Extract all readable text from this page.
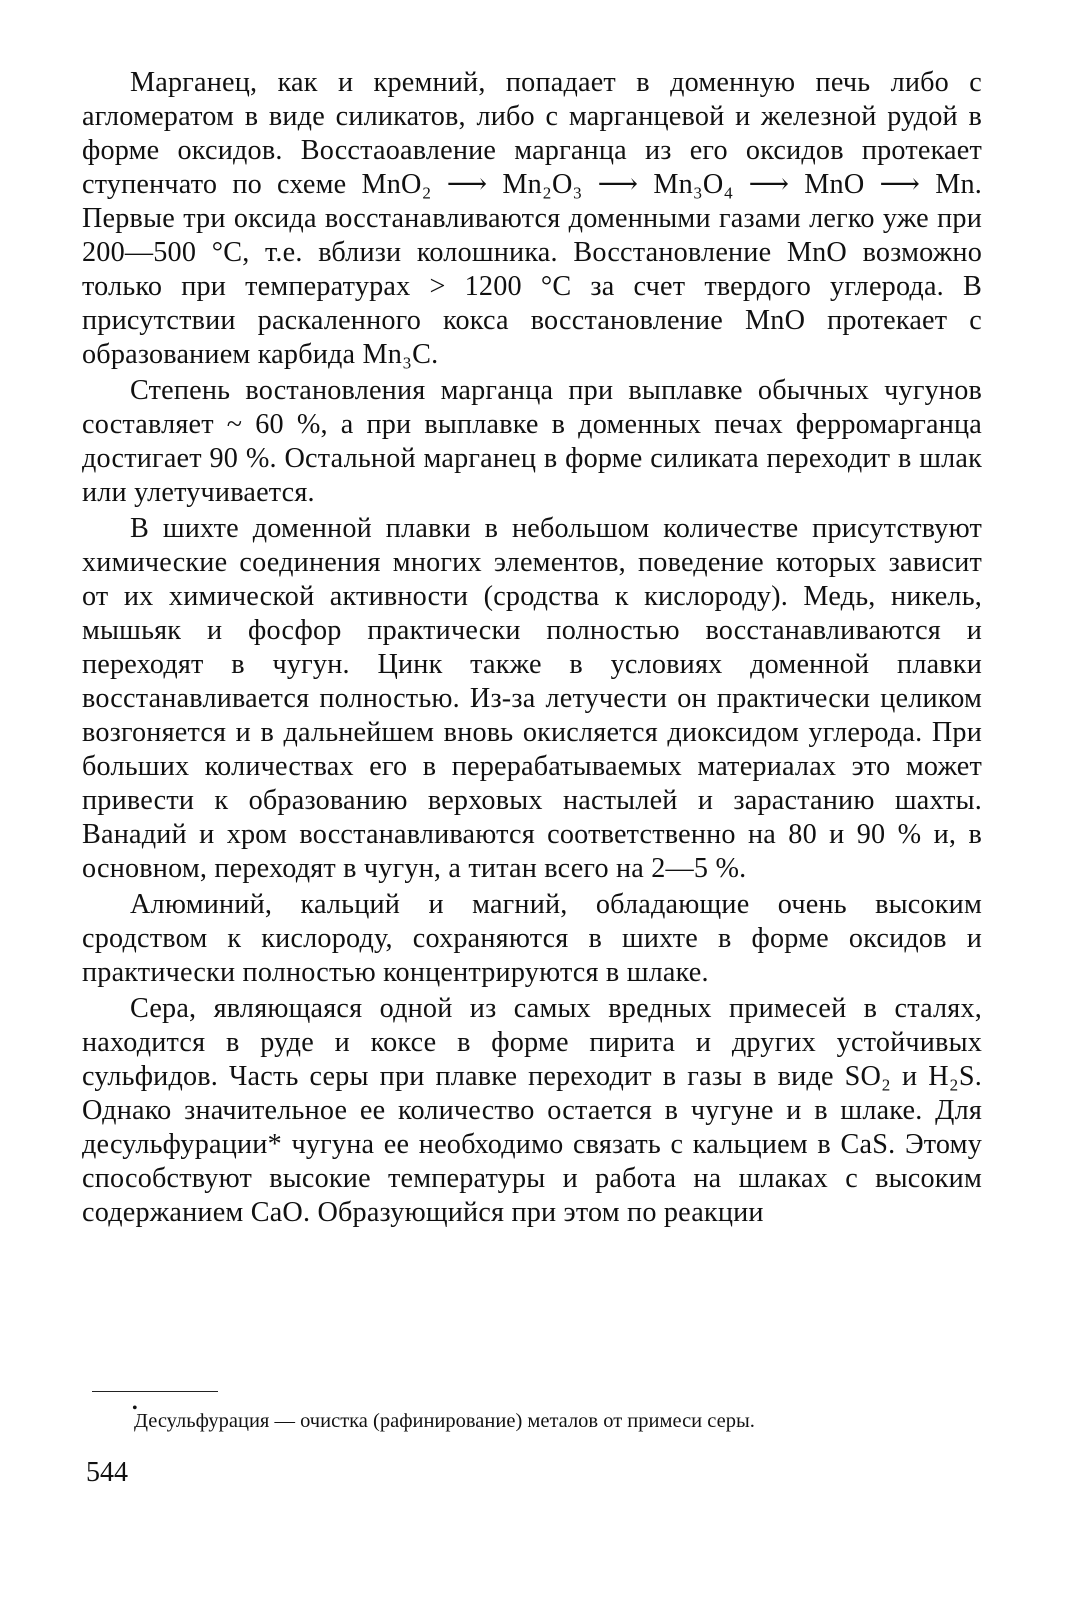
Марганец, как и кремний, попадает в доменную печь либо с агломератом в виде силикатов, либо с марганцевой и железной рудой в форме оксидов. Восстаоавление марганца из его оксидов протекает ступенчато по схеме MnO₂ ⟶ Mn₂O₃ ⟶ Mn₃O₄ ⟶ MnO ⟶ Mn. Первые три оксида восстанавливаются доменными газами легко уже при 200—500 °C, т.е. вблизи колошника. Восстановление MnO возможно только при температурах > 1200 °C за счет твердого углерода. В присутствии раскаленного кокса восстановление MnO протекает с образованием карбида Mn₃C.

Степень востановления марганца при выплавке обычных чугунов составляет ~ 60 %, а при выплавке в доменных печах ферромарганца достигает 90 %. Остальной марганец в форме силиката переходит в шлак или улетучивается.

В шихте доменной плавки в небольшом количестве присутствуют химические соединения многих элементов, поведение которых зависит от их химической активности (сродства к кислороду). Медь, никель, мышьяк и фосфор практически полностью восстанавливаются и переходят в чугун. Цинк также в условиях доменной плавки восстанавливается полностью. Из-за летучести он практически целиком возгоняется и в дальнейшем вновь окисляется диоксидом углерода. При больших количествах его в перерабатываемых материалах это может привести к образованию верховых настылей и зарастанию шахты. Ванадий и хром восстанавливаются соответственно на 80 и 90 % и, в основном, переходят в чугун, а титан всего на 2—5 %.

Алюминий, кальций и магний, обладающие очень высоким сродством к кислороду, сохраняются в шихте в форме оксидов и практически полностью концентрируются в шлаке.

Сера, являющаяся одной из самых вредных примесей в сталях, находится в руде и коксе в форме пирита и других устойчивых сульфидов. Часть серы при плавке переходит в газы в виде SO₂ и H₂S. Однако значительное ее количество остается в чугуне и в шлаке. Для десульфурации* чугуна ее необходимо связать с кальцием в CaS. Этому способствуют высокие температуры и работа на шлаках с высоким содержанием CaO. Образующийся при этом по реакции

•
Десульфурация — очистка (рафинирование) металов от примеси серы.
544
